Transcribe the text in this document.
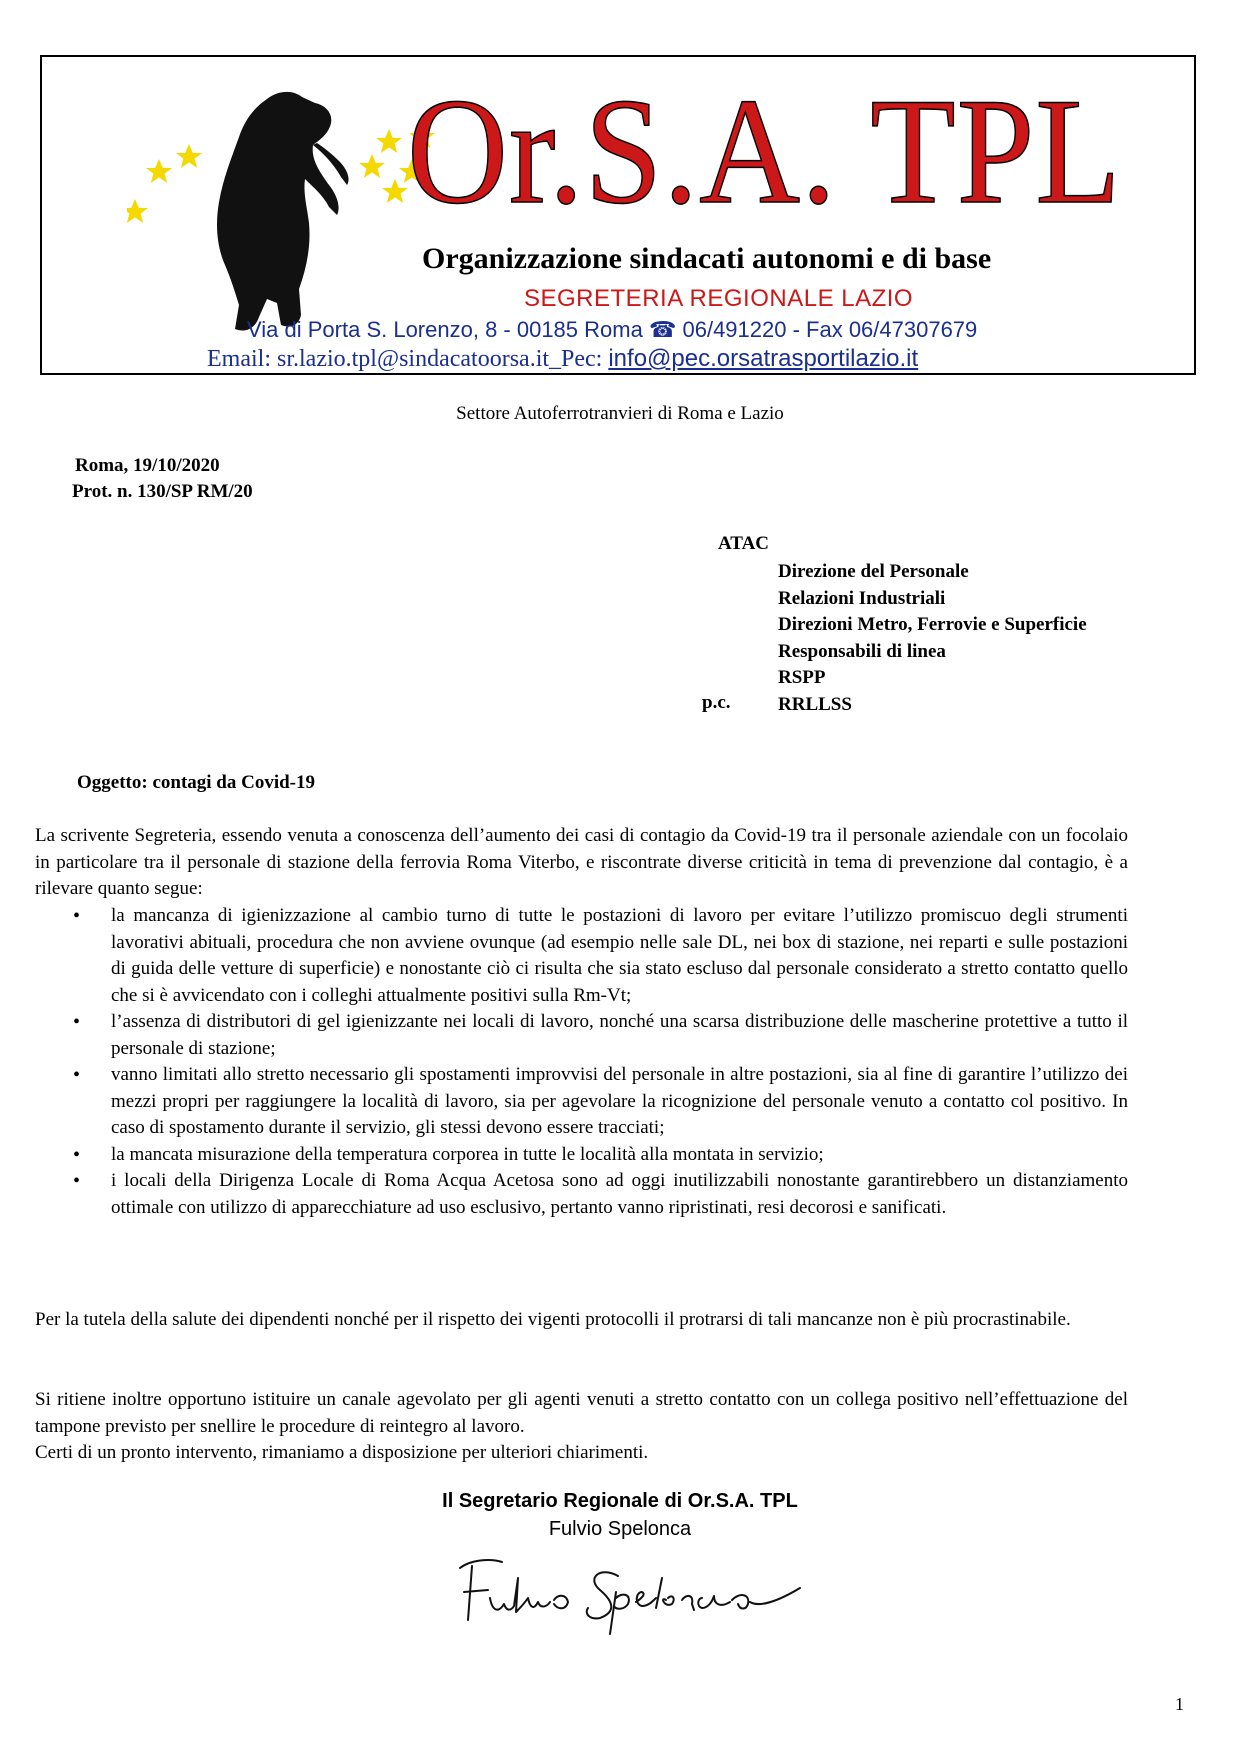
Or.S.A. TPL
Organizzazione sindacati autonomi e di base
SEGRETERIA REGIONALE LAZIO
Via di Porta S. Lorenzo, 8 - 00185 Roma ☎ 06/491220 - Fax 06/47307679
Email: sr.lazio.tpl@sindacatoorsa.it_Pec: info@pec.orsatrasportilazio.it
Settore Autoferrotranvieri di Roma e Lazio
Roma, 19/10/2020
Prot. n. 130/SP RM/20
ATAC
Direzione del Personale
Relazioni Industriali
Direzioni Metro, Ferrovie e Superficie
Responsabili di linea
RSPP
RRLLSS
p.c.
Oggetto: contagi da Covid-19
La scrivente Segreteria, essendo venuta a conoscenza dell’aumento dei casi di contagio da Covid-19 tra il personale aziendale con un focolaio in particolare tra il personale di stazione della ferrovia Roma Viterbo, e riscontrate diverse criticità in tema di prevenzione dal contagio, è a rilevare quanto segue:
• la mancanza di igienizzazione al cambio turno di tutte le postazioni di lavoro per evitare l’utilizzo promiscuo degli strumenti lavorativi abituali, procedura che non avviene ovunque (ad esempio nelle sale DL, nei box di stazione, nei reparti e sulle postazioni di guida delle vetture di superficie) e nonostante ciò ci risulta che sia stato escluso dal personale considerato a stretto contatto quello che si è avvicendato con i colleghi attualmente positivi sulla Rm-Vt;
• l’assenza di distributori di gel igienizzante nei locali di lavoro, nonché una scarsa distribuzione delle mascherine protettive a tutto il personale di stazione;
• vanno limitati allo stretto necessario gli spostamenti improvvisi del personale in altre postazioni, sia al fine di garantire l’utilizzo dei mezzi propri per raggiungere la località di lavoro, sia per agevolare la ricognizione del personale venuto a contatto col positivo. In caso di spostamento durante il servizio, gli stessi devono essere tracciati;
• la mancata misurazione della temperatura corporea in tutte le località alla montata in servizio;
• i locali della Dirigenza Locale di Roma Acqua Acetosa sono ad oggi inutilizzabili nonostante garantirebbero un distanziamento ottimale con utilizzo di apparecchiature ad uso esclusivo, pertanto vanno ripristinati, resi decorosi e sanificati.
Per la tutela della salute dei dipendenti nonché per il rispetto dei vigenti protocolli il protrarsi di tali mancanze non è più procrastinabile.
Si ritiene inoltre opportuno istituire un canale agevolato per gli agenti venuti a stretto contatto con un collega positivo nell’effettuazione del tampone previsto per snellire le procedure di reintegro al lavoro.
Certi di un pronto intervento, rimaniamo a disposizione per ulteriori chiarimenti.
Il Segretario Regionale di Or.S.A. TPL
Fulvio Spelonca
1
